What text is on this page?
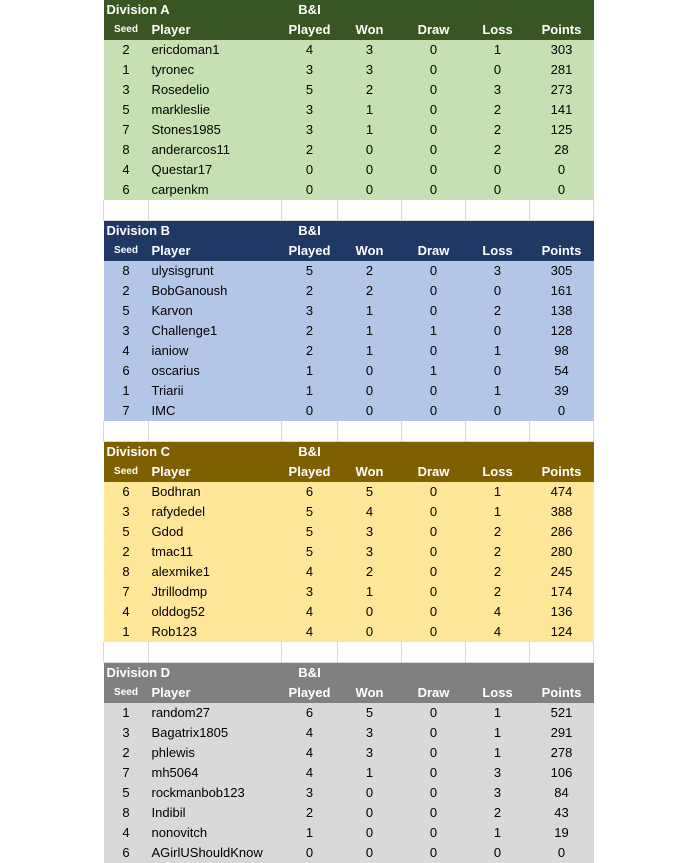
Division A		B&I				
Seed	Player	Played	Won	Draw	Loss	Points
2	ericdoman1	4	3	0	1	303
1	tyronec	3	3	0	0	281
3	Rosedelio	5	2	0	3	273
5	markleslie	3	1	0	2	141
7	Stones1985	3	1	0	2	125
8	anderarcos11	2	0	0	2	28
4	Questar17	0	0	0	0	0
6	carpenkm	0	0	0	0	0

Division B		B&I				
Seed	Player	Played	Won	Draw	Loss	Points
8	ulysisgrunt	5	2	0	3	305
2	BobGanoush	2	2	0	0	161
5	Karvon	3	1	0	2	138
3	Challenge1	2	1	1	0	128
4	ianiow	2	1	0	1	98
6	oscarius	1	0	1	0	54
1	Triarii	1	0	0	1	39
7	IMC	0	0	0	0	0

Division C		B&I				
Seed	Player	Played	Won	Draw	Loss	Points
6	Bodhran	6	5	0	1	474
3	rafydedel	5	4	0	1	388
5	Gdod	5	3	0	2	286
2	tmac11	5	3	0	2	280
8	alexmike1	4	2	0	2	245
7	Jtrillodmp	3	1	0	2	174
4	olddog52	4	0	0	4	136
1	Rob123	4	0	0	4	124

Division D		B&I				
Seed	Player	Played	Won	Draw	Loss	Points
1	random27	6	5	0	1	521
3	Bagatrix1805	4	3	0	1	291
2	phlewis	4	3	0	1	278
7	mh5064	4	1	0	3	106
5	rockmanbob123	3	0	0	3	84
8	Indibil	2	0	0	2	43
4	nonovitch	1	0	0	1	19
6	AGirlUShouldKnow	0	0	0	0	0
